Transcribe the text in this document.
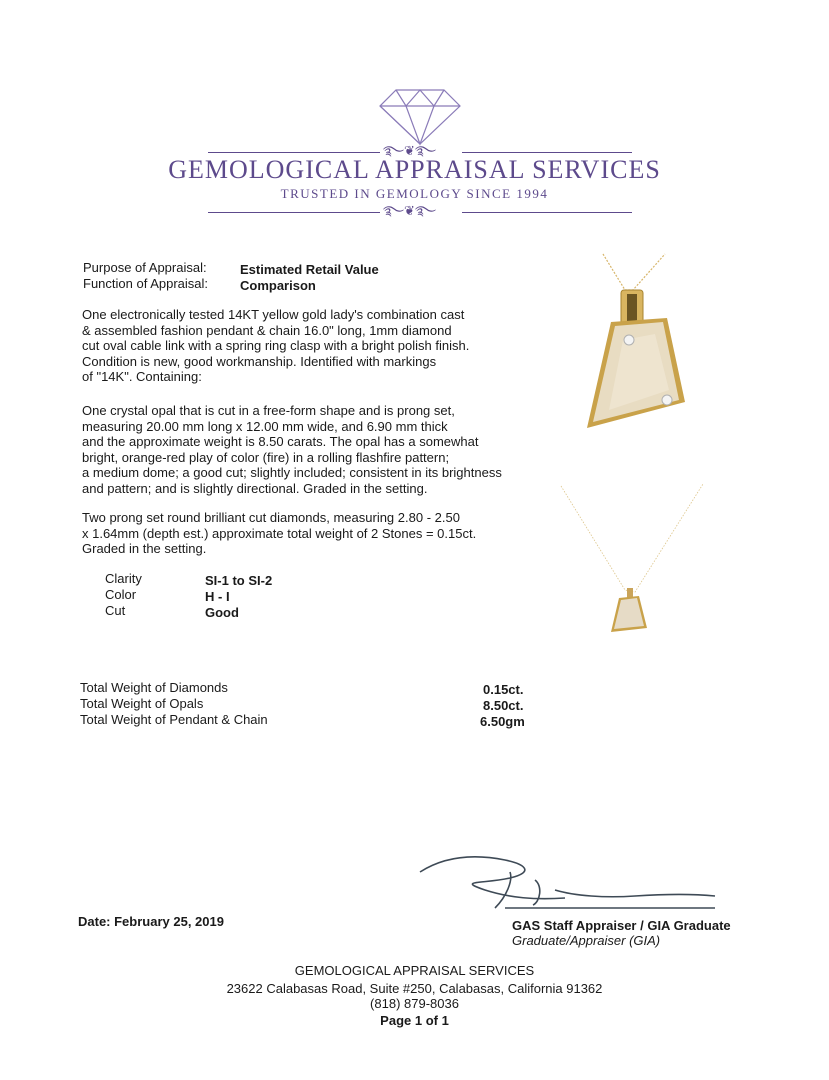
࿐❦࿐
GEMOLOGICAL APPRAISAL SERVICES
TRUSTED IN GEMOLOGY SINCE 1994
࿐❦࿐
Purpose of Appraisal:	Estimated Retail Value
Function of Appraisal: Comparison

One electronically tested 14KT yellow gold lady's combination cast

& assembled fashion pendant & chain 16.0" long, 1mm diamond

cut oval cable link with a spring ring clasp with a bright polish finish.

Condition is new, good workmanship. Identified with markings

of "14K". Containing:

One crystal opal that is cut in a free-form shape and is prong set,

measuring 20.00 mm long x 12.00 mm wide, and 6.90 mm thick

and the approximate weight is 8.50 carats. The opal has a somewhat

bright, orange-red play of color (fire) in a rolling flashfire pattern;

a medium dome; a good cut; slightly included; consistent in its brightness

and pattern; and is slightly directional. Graded in the setting.

Two prong set round brilliant cut diamonds, measuring 2.80 - 2.50

x 1.64mm (depth est.) approximate total weight of 2 Stones = 0.15ct.

Graded in the setting.

Clarity	SI-1 to SI-2
Color	H - I
Cut	Good
Total Weight of Diamonds	0.15ct.
Total Weight of Opals	8.50ct.
Total Weight of Pendant & Chain	6.50gm
Date: February 25, 2019	GAS Staff Appraiser / GIA Graduate
Graduate/Appraiser (GIA)
GEMOLOGICAL APPRAISAL SERVICES
23622 Calabasas Road, Suite #250, Calabasas, California 91362
(818) 879-8036
Page 1 of 1
